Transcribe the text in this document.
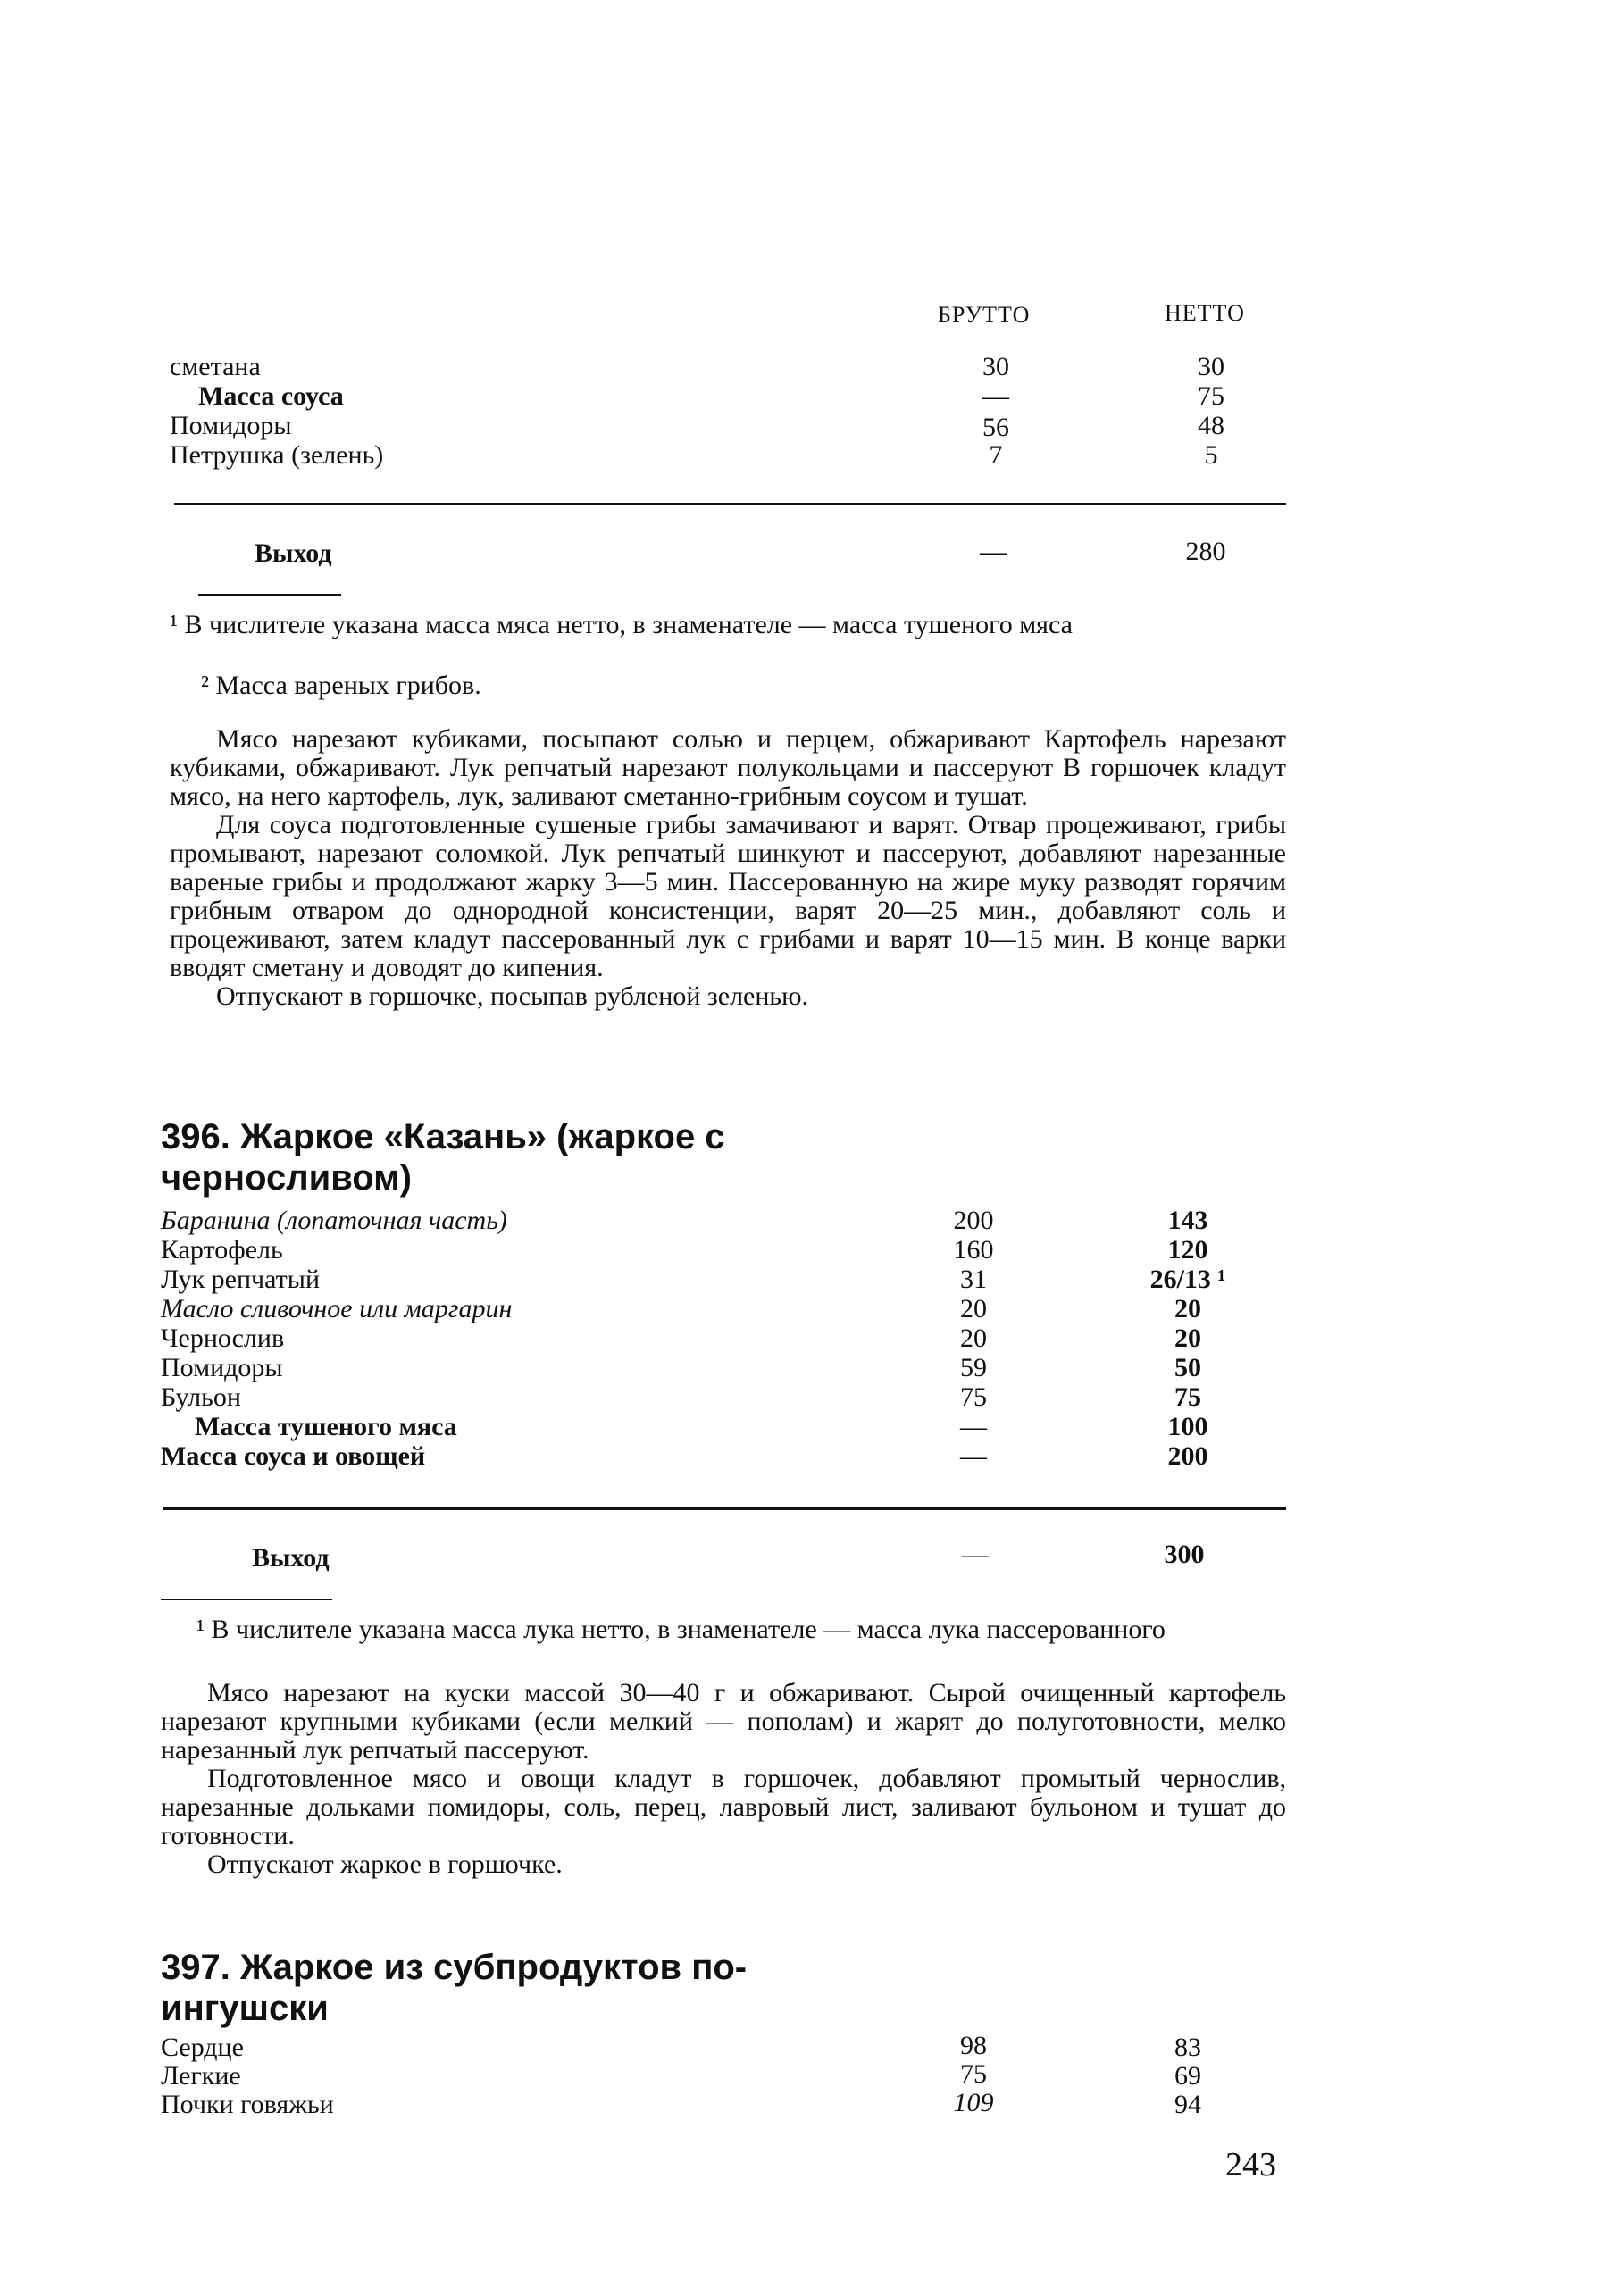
БРУТТО	НЕТТО
сметана	30	30
Масса соуса	—	75
Помидоры	56	48
Петрушка (зелень)	7	5
Выход	—	280
¹ В числителе указана масса мяса нетто, в знаменателе — масса тушеного мяса
² Масса вареных грибов.

Мясо нарезают кубиками, посыпают солью и перцем, обжаривают Картофель нарезают кубиками, обжаривают. Лук репчатый нарезают полукольцами и пассеруют В горшочек кладут мясо, на него картофель, лук, заливают сметанно-грибным соусом и тушат.

Для соуса подготовленные сушеные грибы замачивают и варят. Отвар процеживают, грибы промывают, нарезают соломкой. Лук репчатый шинкуют и пассеруют, добавляют нарезанные вареные грибы и продолжают жарку 3—5 мин. Пассерованную на жире муку разводят горячим грибным отваром до однородной консистенции, варят 20—25 мин., добавляют соль и процеживают, затем кладут пассерованный лук с грибами и варят 10—15 мин. В конце варки вводят сметану и доводят до кипения.

Отпускают в горшочке, посыпав рубленой зеленью.

396. Жаркое «Казань» (жаркое с черносливом)
Баранина (лопаточная часть)	200	143
Картофель	160	120
Лук репчатый	31	26/13 ¹
Масло сливочное или маргарин	20	20
Чернослив	20	20
Помидоры	59	50
Бульон	75	75
Масса тушеного мяса	—	100
Масса соуса и овощей	—	200
Выход	—	300
¹ В числителе указана масса лука нетто, в знаменателе — масса лука пассерованного

Мясо нарезают на куски массой 30—40 г и обжаривают. Сырой очищенный картофель нарезают крупными кубиками (если мелкий — пополам) и жарят до полуготовности, мелко нарезанный лук репчатый пассеруют.

Подготовленное мясо и овощи кладут в горшочек, добавляют промытый чернослив, нарезанные дольками помидоры, соль, перец, лавровый лист, заливают бульоном и тушат до готовности.

Отпускают жаркое в горшочке.

397. Жаркое из субпродуктов по-ингушски
Сердце	98	83
Легкие	75	69
Почки говяжьи	109	94
243
